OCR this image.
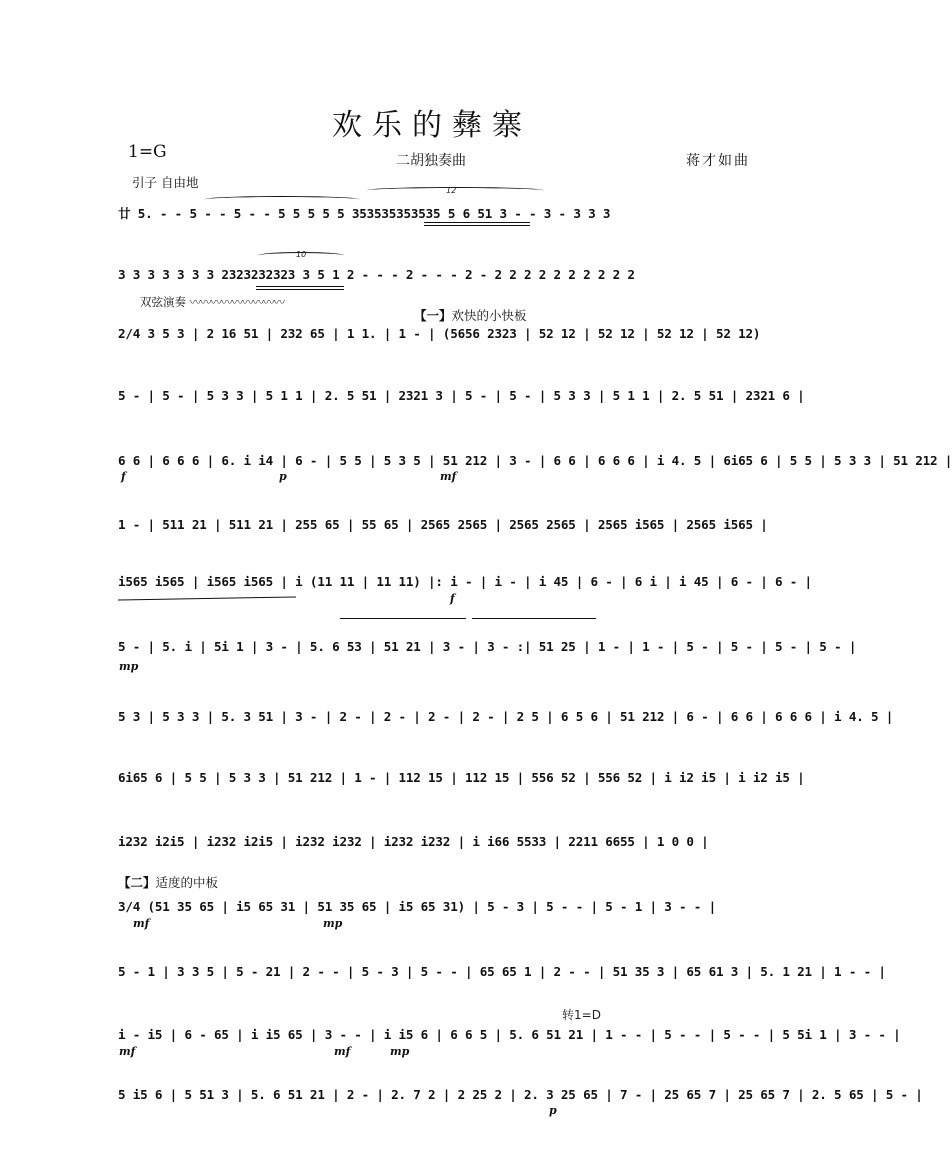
欢乐的彝寨
1=G	二胡独奏曲	蒋才如曲
引子 自由地
廿 5. - - 5 - - 5 - - 5 5 5 5 5 353535353535 5 6 51 3 - - 3 - 3 3 3
12
3 3 3 3 3 3 3 2323232323 3 5 1 2 - - - 2 - - - 2 - 2 2 2 2 2 2 2 2 2 2
10
双弦演奏 〰〰〰〰〰〰〰〰〰
【一】欢快的小快板
2/4 3 5 3 | 2 16 51 | 232 65 | 1 1. | 1 - | (5656 2323 | 52 12 | 52 12 | 52 12 | 52 12)
5 - | 5 - | 5 3 3 | 5 1 1 | 2. 5 51 | 2321 3 | 5 - | 5 - | 5 3 3 | 5 1 1 | 2. 5 51 | 2321 6 |
6 6 | 6 6 6 | 6. i i4 | 6 - | 5 5 | 5 3 5 | 51 212 | 3 - | 6 6 | 6 6 6 | i 4. 5 | 6i65 6 | 5 5 | 5 3 3 | 51 212 |
f	p	mf
1 - | 511 21 | 511 21 | 255 65 | 55 65 | 2565 2565 | 2565 2565 | 2565 i565 | 2565 i565 |
i565 i565 | i565 i565 | i (11 11 | 11 11) |: i - | i - | i 45 | 6 - | 6 i | i 45 | 6 - | 6 - |
f
5 - | 5. i | 5i 1 | 3 - | 5. 6 53 | 51 21 | 3 - | 3 - :| 51 25 | 1 - | 1 - | 5 - | 5 - | 5 - | 5 - |
mp
5 3 | 5 3 3 | 5. 3 51 | 3 - | 2 - | 2 - | 2 - | 2 - | 2 5 | 6 5 6 | 51 212 | 6 - | 6 6 | 6 6 6 | i 4. 5 |
6i65 6 | 5 5 | 5 3 3 | 51 212 | 1 - | 112 15 | 112 15 | 556 52 | 556 52 | i i2 i5 | i i2 i5 |
i232 i2i5 | i232 i2i5 | i232 i232 | i232 i232 | i i66 5533 | 2211 6655 | 1 0 0 |
【二】适度的中板
3/4 (51 35 65 | i5 65 31 | 51 35 65 | i5 65 31) | 5 - 3 | 5 - - | 5 - 1 | 3 - - |
mf	mp
5 - 1 | 3 3 5 | 5 - 21 | 2 - - | 5 - 3 | 5 - - | 65 65 1 | 2 - - | 51 35 3 | 65 61 3 | 5. 1 21 | 1 - - |
转1=D
i - i5 | 6 - 65 | i i5 65 | 3 - - | i i5 6 | 6 6 5 | 5. 6 51 21 | 1 - - | 5 - - | 5 - - | 5 5i 1 | 3 - - |
mf	mf	mp
5 i5 6 | 5 51 3 | 5. 6 51 21 | 2 - | 2. 7 2 | 2 25 2 | 2. 3 25 65 | 7 - | 25 65 7 | 25 65 7 | 2. 5 65 | 5 - |
p
